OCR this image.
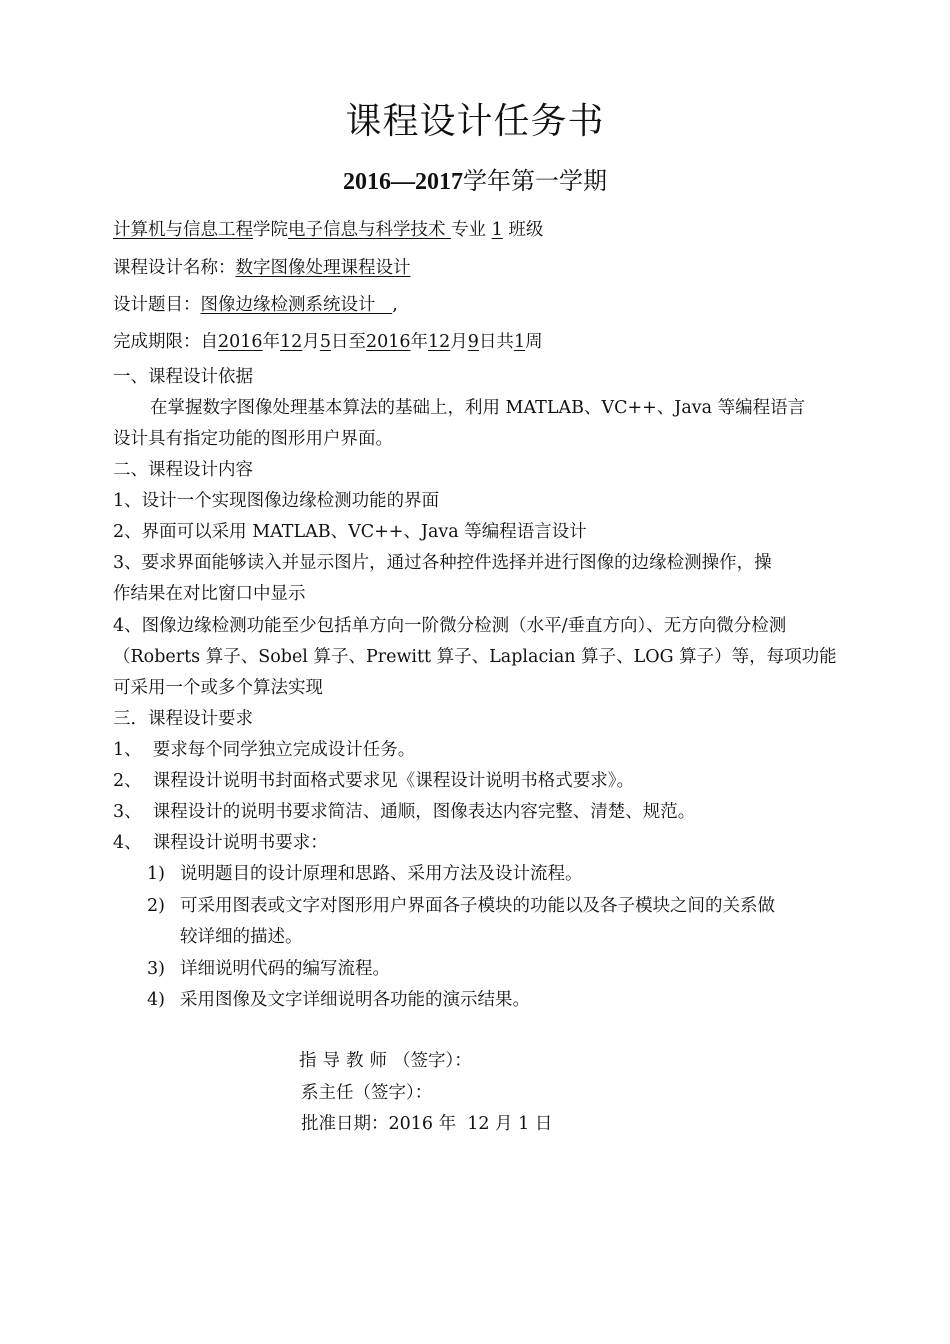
课程设计任务书
2016—2017学年第一学期
计算机与信息工程学院电子信息与科学技术 专业 1 班级
课程设计名称：数字图像处理课程设计
设计题目：图像边缘检测系统设计   ,
完成期限：自2016年12月5日至2016年12月9日共1周
一、课程设计依据
在掌握数字图像处理基本算法的基础上，利用 MATLAB、VC++、Java 等编程语言
设计具有指定功能的图形用户界面。
二、课程设计内容
1、设计一个实现图像边缘检测功能的界面
2、界面可以采用 MATLAB、VC++、Java 等编程语言设计
3、要求界面能够读入并显示图片，通过各种控件选择并进行图像的边缘检测操作，操
作结果在对比窗口中显示
4、图像边缘检测功能至少包括单方向一阶微分检测（水平/垂直方向）、无方向微分检测
（Roberts 算子、Sobel 算子、Prewitt 算子、Laplacian 算子、LOG 算子）等，每项功能
可采用一个或多个算法实现
三．课程设计要求
1、  要求每个同学独立完成设计任务。
2、  课程设计说明书封面格式要求见《课程设计说明书格式要求》。
3、  课程设计的说明书要求简洁、通顺，图像表达内容完整、清楚、规范。
4、  课程设计说明书要求：
1) 说明题目的设计原理和思路、采用方法及设计流程。
2) 可采用图表或文字对图形用户界面各子模块的功能以及各子模块之间的关系做
较详细的描述。
3) 详细说明代码的编写流程。
4) 采用图像及文字详细说明各功能的演示结果。
指导教师（签字）：
系主任（签字）：
批准日期：2016 年  12 月 1 日
